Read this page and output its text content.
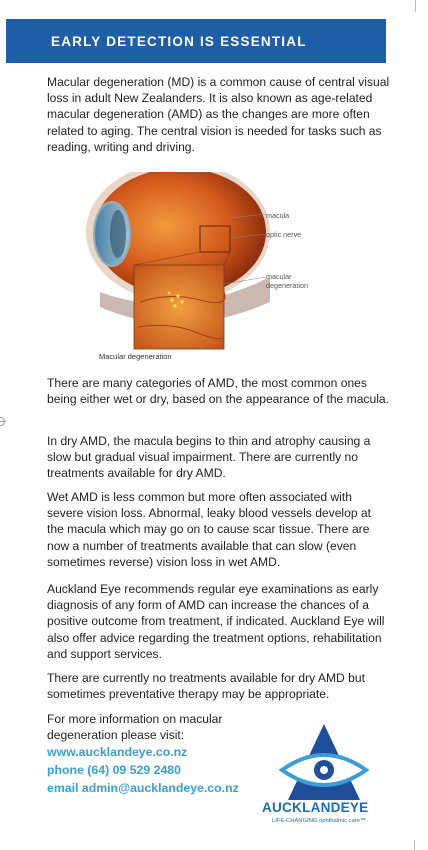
EARLY DETECTION IS ESSENTIAL

Macular degeneration (MD) is a common cause of central visual loss in adult New Zealanders. It is also known as age-related macular degeneration (AMD) as the changes are more often related to aging. The central vision is needed for tasks such as reading, writing and driving.

macula
optic nerve
macular degeneration
Macular degeneration

There are many categories of AMD, the most common ones being either wet or dry, based on the appearance of the macula.

In dry AMD, the macula begins to thin and atrophy causing a slow but gradual visual impairment. There are currently no treatments available for dry AMD.

Wet AMD is less common but more often associated with severe vision loss. Abnormal, leaky blood vessels develop at the macula which may go on to cause scar tissue. There are now a number of treatments available that can slow (even sometimes reverse) vision loss in wet AMD.

Auckland Eye recommends regular eye examinations as early diagnosis of any form of AMD can increase the chances of a positive outcome from treatment, if indicated. Auckland Eye will also offer advice regarding the treatment options, rehabilitation and support services.

There are currently no treatments available for dry AMD but sometimes preventative therapy may be appropriate.

For more information on macular degeneration please visit:

www.aucklandeye.co.nz
phone (64) 09 529 2480
email admin@aucklandeye.co.nz
AUCKLANDEYE
LIFE-CHANGING ophthalmic care™
